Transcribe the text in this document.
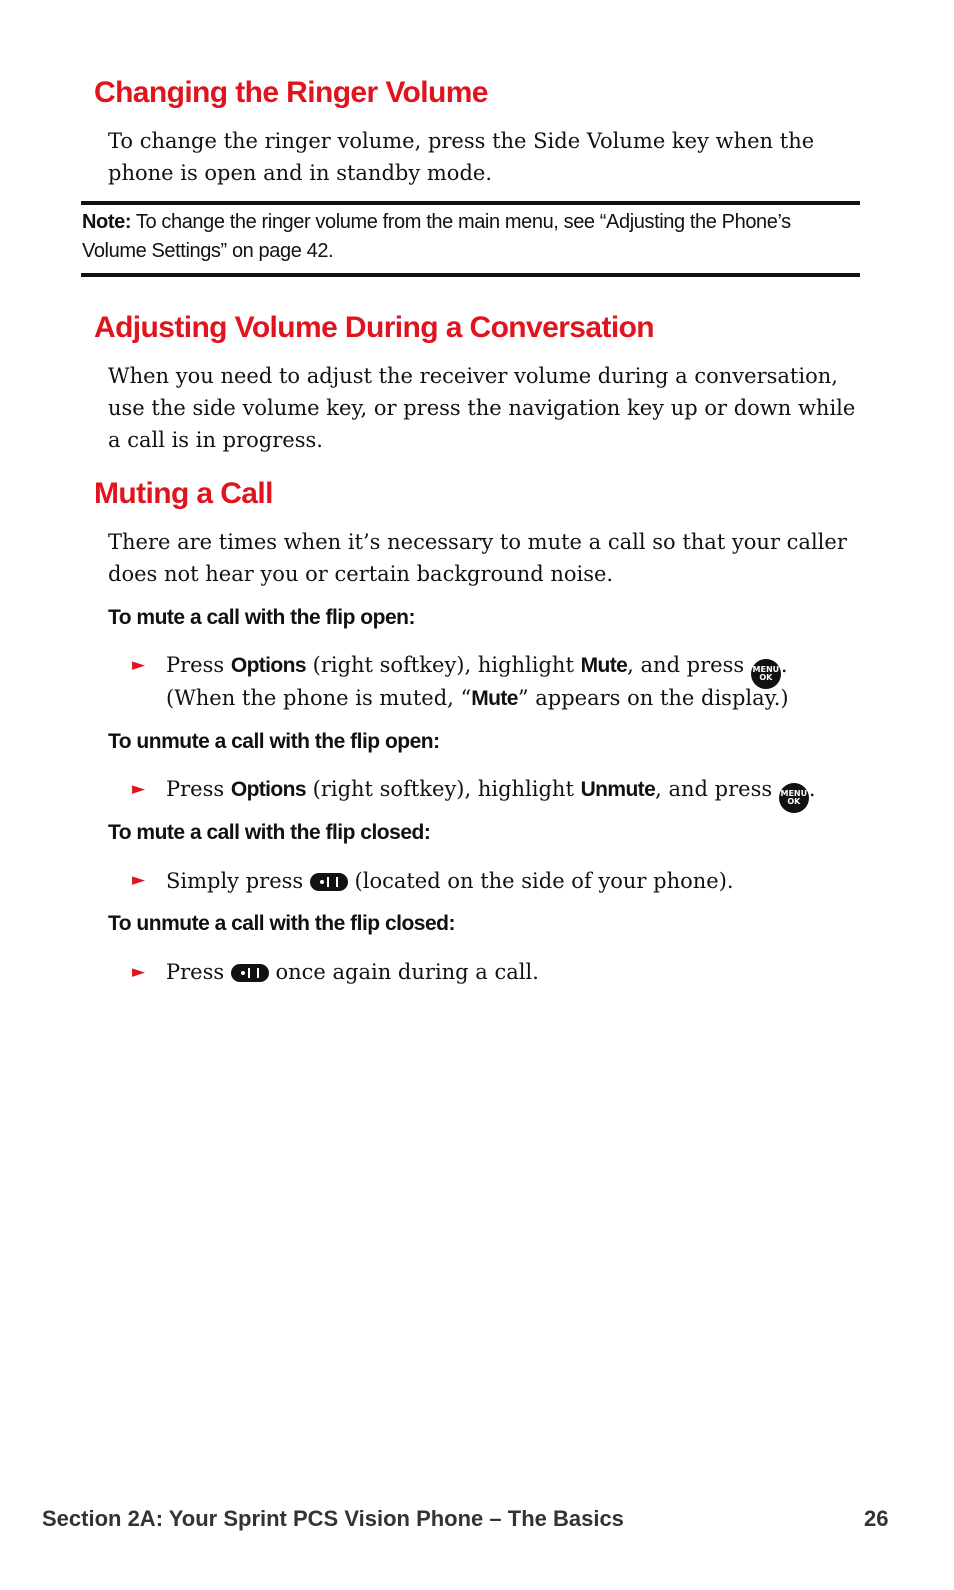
Changing the Ringer Volume

To change the ringer volume, press the Side Volume key when the phone is open and in standby mode.

Note: To change the ringer volume from the main menu, see “Adjusting the Phone’s Volume Settings” on page 42.
Adjusting Volume During a Conversation

When you need to adjust the receiver volume during a conversation, use the side volume key, or press the navigation key up or down while a call is in progress.

Muting a Call

There are times when it’s necessary to mute a call so that your caller does not hear you or certain background noise.

To mute a call with the flip open:
► Press Options (right softkey), highlight Mute, and press MENU
OK.
(When the phone is muted, “Mute” appears on the display.)
To unmute a call with the flip open:
► Press Options (right softkey), highlight Unmute, and press MENU
OK.
To mute a call with the flip closed:
► Simply press  (located on the side of your phone).
To unmute a call with the flip closed:
► Press  once again during a call.
Section 2A: Your Sprint PCS Vision Phone – The Basics	26
